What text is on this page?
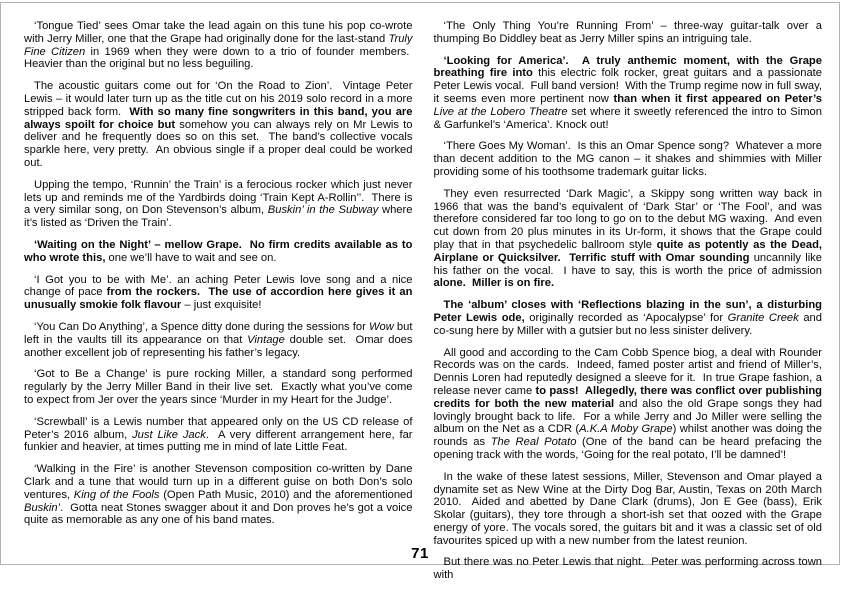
‘Tongue Tied’ sees Omar take the lead again on this tune his pop co-wrote with Jerry Miller, one that the Grape had originally done for the last-stand Truly Fine Citizen in 1969 when they were down to a trio of founder members.  Heavier than the original but no less beguiling.

The acoustic guitars come out for ‘On the Road to Zion’.  Vintage Peter Lewis – it would later turn up as the title cut on his 2019 solo record in a more stripped back form.  With so many fine songwriters in this band, you are always spoilt for choice but somehow you can always rely on Mr Lewis to deliver and he frequently does so on this set.  The band’s collective vocals sparkle here, very pretty.  An obvious single if a proper deal could be worked out.

Upping the tempo, ‘Runnin’ the Train’ is a ferocious rocker which just never lets up and reminds me of the Yardbirds doing ‘Train Kept A-Rollin’’.  There is a very similar song, on Don Stevenson’s album, Buskin’ in the Subway where it’s listed as ‘Driven the Train’.

‘Waiting on the Night’ – mellow Grape.  No firm credits available as to who wrote this, one we’ll have to wait and see on.

‘I Got you to be with Me’. an aching Peter Lewis love song and a nice change of pace from the rockers.  The use of accordion here gives it an unusually smokie folk flavour – just exquisite!

‘You Can Do Anything’, a Spence ditty done during the sessions for Wow but left in the vaults till its appearance on that Vintage double set.  Omar does another excellent job of representing his father’s legacy.

‘Got to Be a Change’ is pure rocking Miller, a standard song performed regularly by the Jerry Miller Band in their live set.  Exactly what you’ve come to expect from Jer over the years since ‘Murder in my Heart for the Judge’.

‘Screwball’ is a Lewis number that appeared only on the US CD release of Peter’s 2016 album, Just Like Jack.  A very different arrangement here, far funkier and heavier, at times putting me in mind of late Little Feat.

‘Walking in the Fire’ is another Stevenson composition co-written by Dane Clark and a tune that would turn up in a different guise on both Don’s solo ventures, King of the Fools (Open Path Music, 2010) and the aforementioned Buskin’.  Gotta neat Stones swagger about it and Don proves he’s got a voice quite as memorable as any one of his band mates.

‘The Only Thing You’re Running From’ – three-way guitar-talk over a thumping Bo Diddley beat as Jerry Miller spins an intriguing tale.

‘Looking for America’.  A truly anthemic moment, with the Grape breathing fire into this electric folk rocker, great guitars and a passionate Peter Lewis vocal.  Full band version!  With the Trump regime now in full sway, it seems even more pertinent now than when it first appeared on Peter’s Live at the Lobero Theatre set where it sweetly referenced the intro to Simon & Garfunkel’s ‘America’. Knock out!

‘There Goes My Woman’.  Is this an Omar Spence song?  Whatever a more than decent addition to the MG canon – it shakes and shimmies with Miller providing some of his toothsome trademark guitar licks.

They even resurrected ‘Dark Magic’, a Skippy song written way back in 1966 that was the band’s equivalent of ‘Dark Star’ or ‘The Fool’, and was therefore considered far too long to go on to the debut MG waxing.  And even cut down from 20 plus minutes in its Ur-form, it shows that the Grape could play that in that psychedelic ballroom style quite as potently as the Dead, Airplane or Quicksilver.  Terrific stuff with Omar sounding uncannily like his father on the vocal.  I have to say, this is worth the price of admission alone.  Miller is on fire.

The ‘album’ closes with ‘Reflections blazing in the sun’, a disturbing Peter Lewis ode, originally recorded as ‘Apocalypse’ for Granite Creek and co-sung here by Miller with a gutsier but no less sinister delivery.

All good and according to the Cam Cobb Spence biog, a deal with Rounder Records was on the cards.  Indeed, famed poster artist and friend of Miller’s, Dennis Loren had reputedly designed a sleeve for it.  In true Grape fashion, a release never came to pass!  Allegedly, there was conflict over publishing credits for both the new material and also the old Grape songs they had lovingly brought back to life.  For a while Jerry and Jo Miller were selling the album on the Net as a CDR (A.K.A Moby Grape) whilst another was doing the rounds as The Real Potato (One of the band can be heard prefacing the opening track with the words, ‘Going for the real potato, I’ll be damned’!

In the wake of these latest sessions, Miller, Stevenson and Omar played a dynamite set as New Wine at the Dirty Dog Bar, Austin, Texas on 20th March 2010.  Aided and abetted by Dane Clark (drums), Jon E Gee (bass), Erik Skolar (guitars), they tore through a short-ish set that oozed with the Grape energy of yore. The vocals sored, the guitars bit and it was a classic set of old favourites spiced up with a new number from the latest reunion.

But there was no Peter Lewis that night.  Peter was performing across town with

71
